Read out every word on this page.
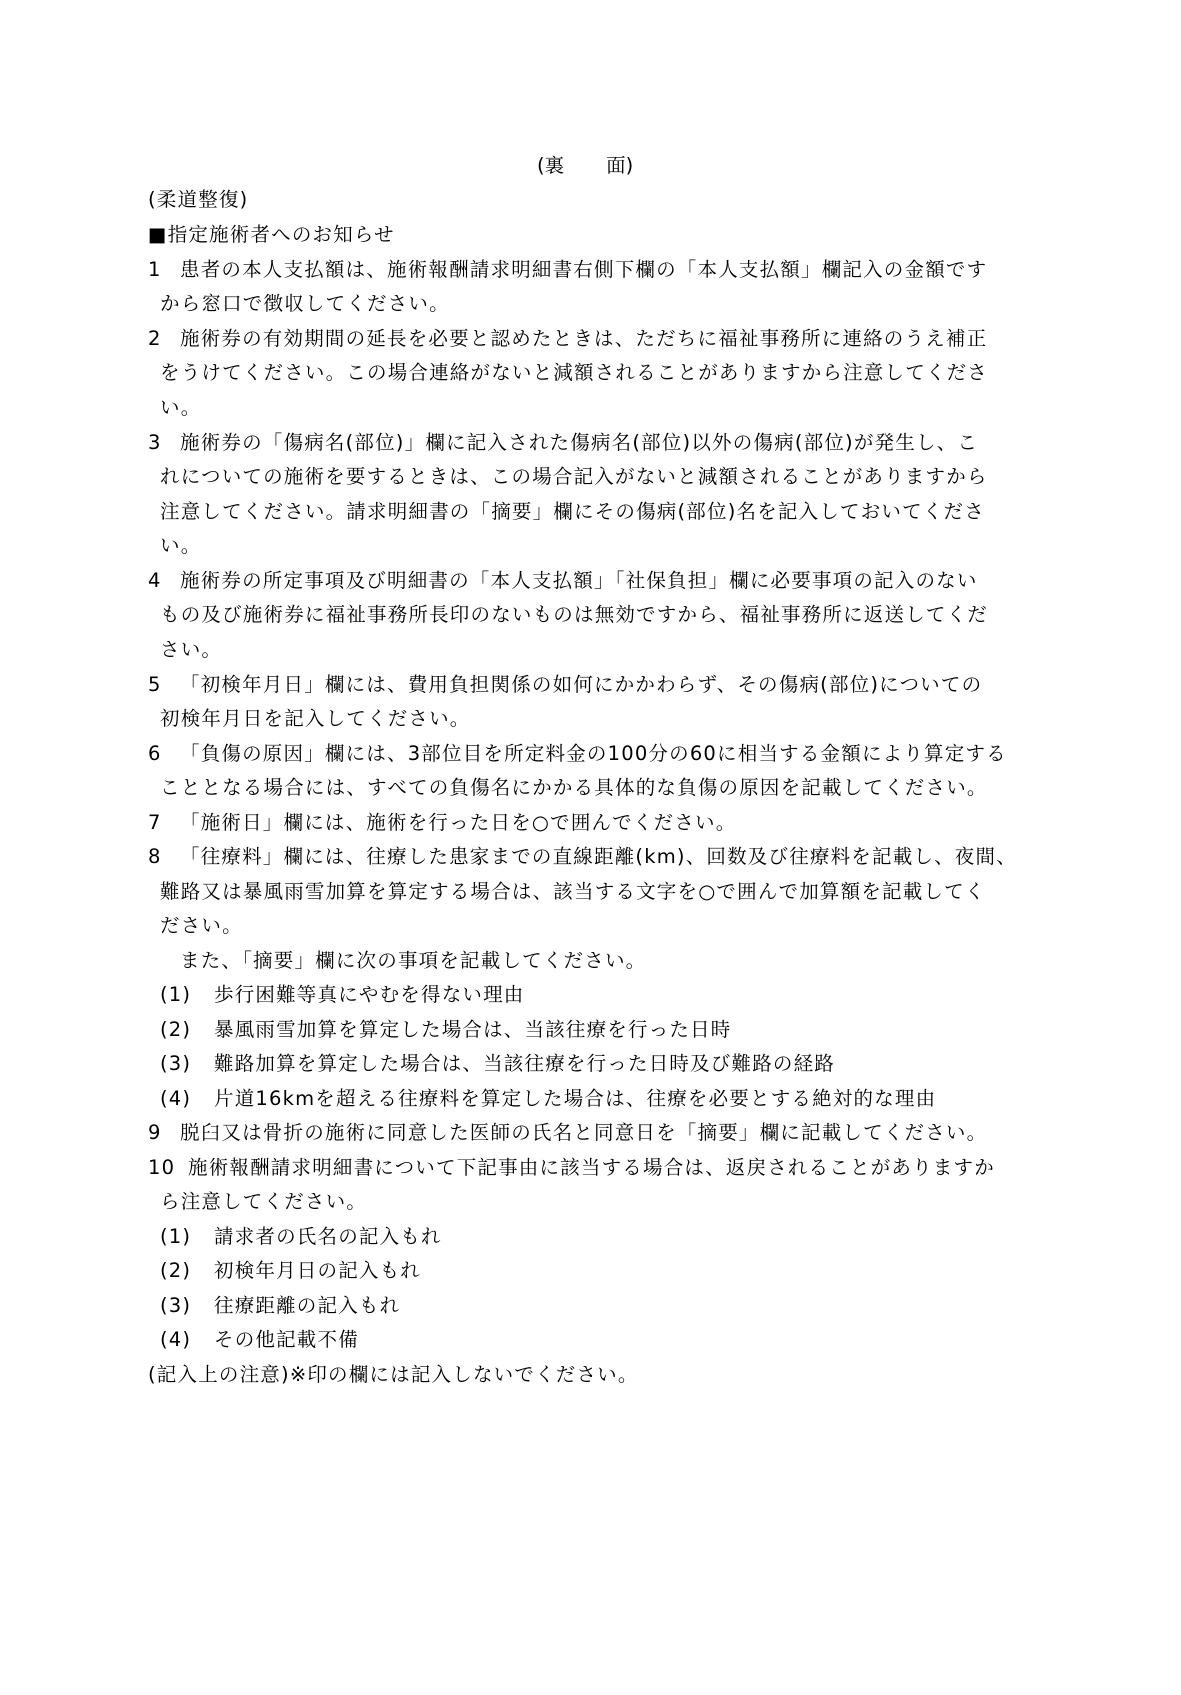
(裏 面)
(柔道整復)
■指定施術者へのお知らせ
1 患者の本人支払額は、施術報酬請求明細書右側下欄の「本人支払額」欄記入の金額です
から窓口で徴収してください。
2 施術券の有効期間の延長を必要と認めたときは、ただちに福祉事務所に連絡のうえ補正
をうけてください。この場合連絡がないと減額されることがありますから注意してくださ
い。
3 施術券の「傷病名(部位)」欄に記入された傷病名(部位)以外の傷病(部位)が発生し、こ
れについての施術を要するときは、この場合記入がないと減額されることがありますから
注意してください。請求明細書の「摘要」欄にその傷病(部位)名を記入しておいてくださ
い。
4 施術券の所定事項及び明細書の「本人支払額」「社保負担」欄に必要事項の記入のない
もの及び施術券に福祉事務所長印のないものは無効ですから、福祉事務所に返送してくだ
さい。
5 「初検年月日」欄には、費用負担関係の如何にかかわらず、その傷病(部位)についての
初検年月日を記入してください。
6 「負傷の原因」欄には、3部位目を所定料金の100分の60に相当する金額により算定する
こととなる場合には、すべての負傷名にかかる具体的な負傷の原因を記載してください。
7 「施術日」欄には、施術を行った日を○で囲んでください。
8 「往療料」欄には、往療した患家までの直線距離(km)、回数及び往療料を記載し、夜間、
難路又は暴風雨雪加算を算定する場合は、該当する文字を○で囲んで加算額を記載してく
ださい。
また、「摘要」欄に次の事項を記載してください。
(1) 歩行困難等真にやむを得ない理由
(2) 暴風雨雪加算を算定した場合は、当該往療を行った日時
(3) 難路加算を算定した場合は、当該往療を行った日時及び難路の経路
(4) 片道16kmを超える往療料を算定した場合は、往療を必要とする絶対的な理由
9 脱臼又は骨折の施術に同意した医師の氏名と同意日を「摘要」欄に記載してください。
10 施術報酬請求明細書について下記事由に該当する場合は、返戻されることがありますか
ら注意してください。
(1) 請求者の氏名の記入もれ
(2) 初検年月日の記入もれ
(3) 往療距離の記入もれ
(4) その他記載不備
(記入上の注意)※印の欄には記入しないでください。
